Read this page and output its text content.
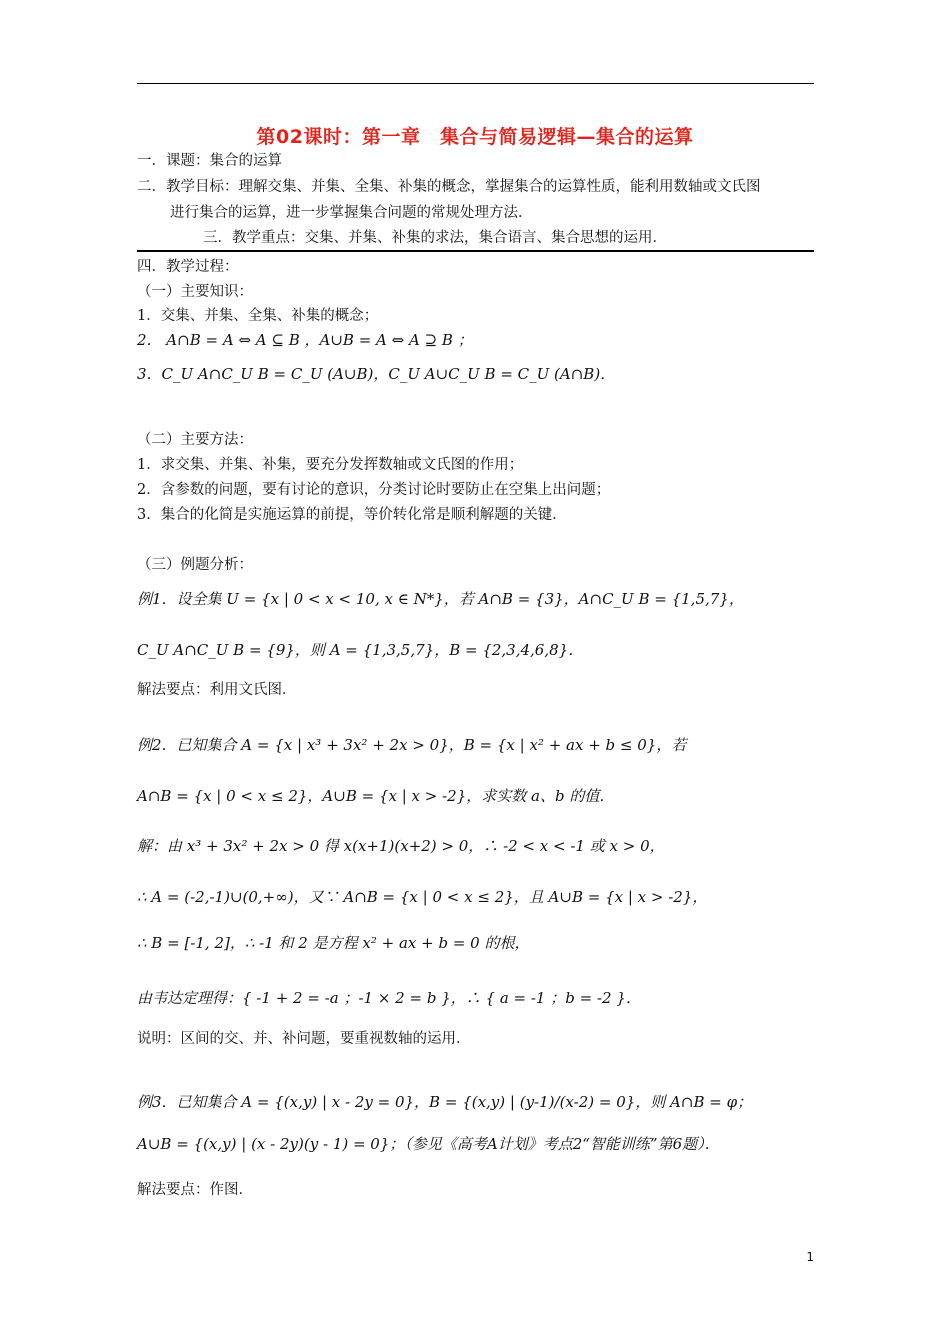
第02课时：第一章　集合与简易逻辑—集合的运算
一．课题：集合的运算
二．教学目标：理解交集、并集、全集、补集的概念，掌握集合的运算性质，能利用数轴或文氏图
进行集合的运算，进一步掌握集合问题的常规处理方法．
三．教学重点：交集、并集、补集的求法，集合语言、集合思想的运用．
四．教学过程：
（一）主要知识：
1．交集、并集、全集、补集的概念；
2． A∩B = A ⇔ A ⊆ B ，A∪B = A ⇔ A ⊇ B ；
3．C_U A∩C_U B = C_U (A∪B)，C_U A∪C_U B = C_U (A∩B)．
（二）主要方法：
1．求交集、并集、补集，要充分发挥数轴或文氏图的作用；
2．含参数的问题，要有讨论的意识，分类讨论时要防止在空集上出问题；
3．集合的化简是实施运算的前提，等价转化常是顺利解题的关键．
（三）例题分析：
例1．设全集 U = {x | 0 < x < 10, x ∈ N*}，若 A∩B = {3}，A∩C_U B = {1,5,7}，
C_U A∩C_U B = {9}，则 A = {1,3,5,7}，B = {2,3,4,6,8}．
解法要点：利用文氏图．
例2．已知集合 A = {x | x³ + 3x² + 2x > 0}，B = {x | x² + ax + b ≤ 0}，若
A∩B = {x | 0 < x ≤ 2}，A∪B = {x | x > -2}，求实数 a、b 的值．
解：由 x³ + 3x² + 2x > 0 得 x(x+1)(x+2) > 0，∴ -2 < x < -1 或 x > 0，
∴ A = (-2,-1)∪(0,+∞)，又∵ A∩B = {x | 0 < x ≤ 2}，且 A∪B = {x | x > -2}，
∴ B = [-1, 2]，∴ -1 和 2 是方程 x² + ax + b = 0 的根，
由韦达定理得：{ -1 + 2 = -a ；-1 × 2 = b }，∴ { a = -1 ；b = -2 }．
说明：区间的交、并、补问题，要重视数轴的运用．
例3．已知集合 A = {(x,y) | x - 2y = 0}，B = {(x,y) | (y-1)/(x-2) = 0}，则 A∩B = φ；
A∪B = {(x,y) | (x - 2y)(y - 1) = 0}；（参见《高考A计划》考点2“智能训练”第6题）．
解法要点：作图．
1
